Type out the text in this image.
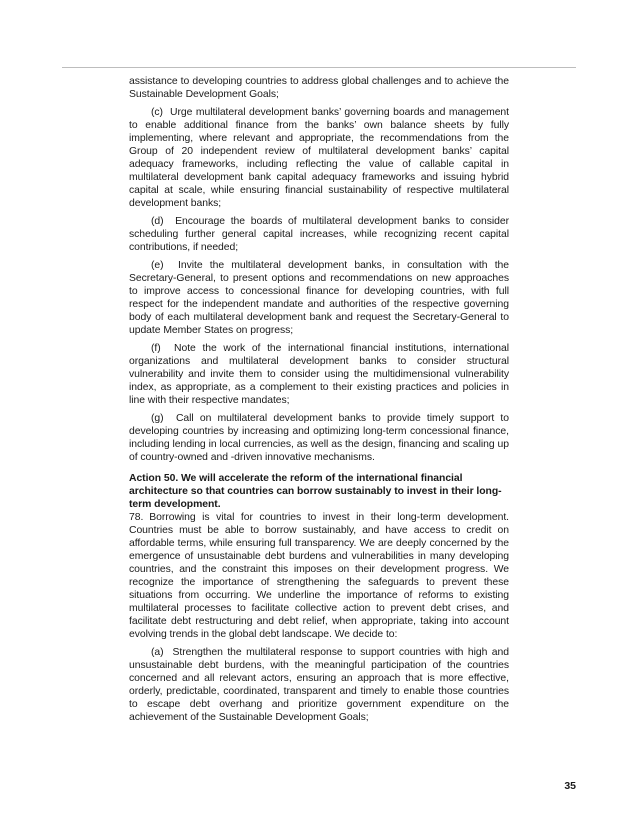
assistance to developing countries to address global challenges and to achieve the Sustainable Development Goals;

(c)  Urge multilateral development banks’ governing boards and management to enable additional finance from the banks’ own balance sheets by fully implementing, where relevant and appropriate, the recommendations from the Group of 20 independent review of multilateral development banks’ capital adequacy frameworks, including reflecting the value of callable capital in multilateral development bank capital adequacy frameworks and issuing hybrid capital at scale, while ensuring financial sustainability of respective multilateral development banks;

(d)  Encourage the boards of multilateral development banks to consider scheduling further general capital increases, while recognizing recent capital contributions, if needed;

(e)  Invite the multilateral development banks, in consultation with the Secretary-General, to present options and recommendations on new approaches to improve access to concessional finance for developing countries, with full respect for the independent mandate and authorities of the respective governing body of each multilateral development bank and request the Secretary-General to update Member States on progress;

(f)  Note the work of the international financial institutions, international organizations and multilateral development banks to consider structural vulnerability and invite them to consider using the multidimensional vulnerability index, as appropriate, as a complement to their existing practices and policies in line with their respective mandates;

(g)  Call on multilateral development banks to provide timely support to developing countries by increasing and optimizing long-term concessional finance, including lending in local currencies, as well as the design, financing and scaling up of country-owned and -driven innovative mechanisms.

Action 50. We will accelerate the reform of the international financial architecture so that countries can borrow sustainably to invest in their long-term development.

78. Borrowing is vital for countries to invest in their long-term development. Countries must be able to borrow sustainably, and have access to credit on affordable terms, while ensuring full transparency. We are deeply concerned by the emergence of unsustainable debt burdens and vulnerabilities in many developing countries, and the constraint this imposes on their development progress. We recognize the importance of strengthening the safeguards to prevent these situations from occurring. We underline the importance of reforms to existing multilateral processes to facilitate collective action to prevent debt crises, and facilitate debt restructuring and debt relief, when appropriate, taking into account evolving trends in the global debt landscape. We decide to:

(a)  Strengthen the multilateral response to support countries with high and unsustainable debt burdens, with the meaningful participation of the countries concerned and all relevant actors, ensuring an approach that is more effective, orderly, predictable, coordinated, transparent and timely to enable those countries to escape debt overhang and prioritize government expenditure on the achievement of the Sustainable Development Goals;

35
